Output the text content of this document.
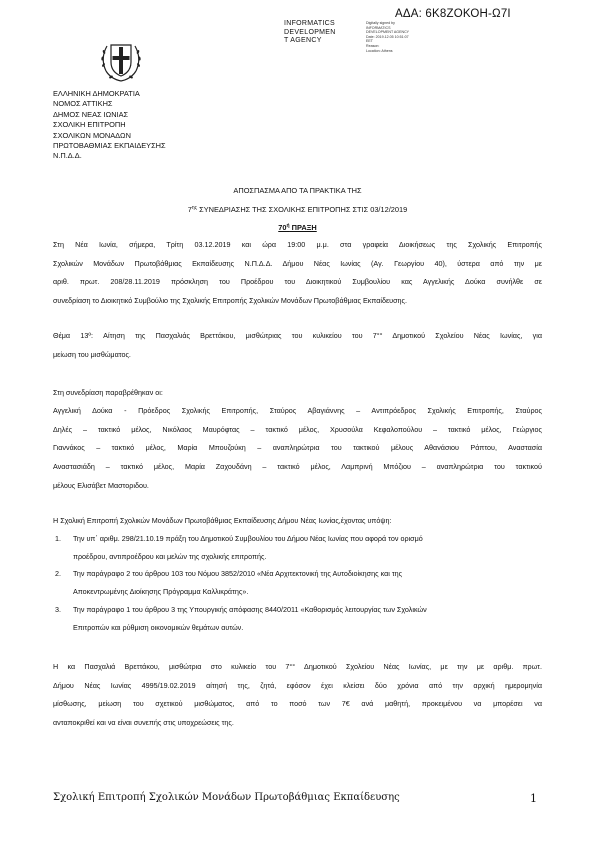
ΑΔΑ: 6Κ8ΖΟΚΟΗ-Ω7Ι
INFORMATICS
DEVELOPMEN
T AGENCY
Digitally signed by
INFORMATICS
DEVELOPMENT AGENCY
Date: 2019.12.05 10:51:07
EET
Reason:
Location: Athens
ΕΛΛΗΝΙΚΗ ΔΗΜΟΚΡΑΤΙΑ
ΝΟΜΟΣ ΑΤΤΙΚΗΣ
ΔΗΜΟΣ ΝΕΑΣ ΙΩΝΙΑΣ
ΣΧΟΛΙΚΗ ΕΠΙΤΡΟΠΗ
ΣΧΟΛΙΚΩΝ ΜΟΝΑΔΩΝ
ΠΡΩΤΟΒΑΘΜΙΑΣ ΕΚΠΑΙΔΕΥΣΗΣ
Ν.Π.Δ.Δ.
ΑΠΟΣΠΑΣΜΑ ΑΠΟ ΤΑ ΠΡΑΚΤΙΚΑ ΤΗΣ
$7^{\eta\varsigma}$ ΣΥΝΕΔΡΙΑΣΗΣ ΤΗΣ ΣΧΟΛΙΚΗΣ ΕΠΙΤΡΟΠΗΣ ΣΤΙΣ 03/12/2019
$70^ή$ ΠΡΑΞΗ
Στη Νέα Ιωνία, σήμερα, Τρίτη 03.12.2019 και ώρα 19:00 μ.μ. στα γραφεία Διοικήσεως της Σχολικής Επιτροπής
Σχολικών Μονάδων Πρωτοβάθμιας Εκπαίδευσης Ν.Π.Δ.Δ. Δήμου Νέας Ιωνίας (Αγ. Γεωργίου 40), ύστερα από την με
αριθ. πρωτ. 208/28.11.2019 πρόσκληση του Προέδρου του Διοικητικού Συμβουλίου κας Αγγελικής Δούκα συνήλθε σε
συνεδρίαση το Διοικητικό Συμβούλιο της Σχολικής Επιτροπής Σχολικών Μονάδων Πρωτοβάθμιας Εκπαίδευσης.
Θέμα 13º: Αίτηση της Πασχαλιάς Βρεττάκου, μισθώτριας του κυλικείου του 7°° Δημοτικού Σχολείου Νέας Ιωνίας, για
μείωση του μισθώματος.
Στη συνεδρίαση παραβρέθηκαν οι:
Αγγελική Δούκα - Πρόεδρος Σχολικής Επιτροπής, Σταύρος Αβαγιάννης – Αντιπρόεδρος Σχολικής Επιτροπής, Σταύρος
Δηλές – τακτικό μέλος, Νικόλαος Μαυρόφτας – τακτικό μέλος, Χρυσούλα Κεφαλοπούλου – τακτικό μέλος, Γεώργιος
Γιαννάκος – τακτικό μέλος, Μαρία Μπουζούκη – αναπληρώτρια του τακτικού μέλους Αθανάσιου Ράπτου, Αναστασία
Αναστασιάδη – τακτικό μέλος, Μαρία Ζαχουδάνη – τακτικό μέλος, Λαμπρινή Μπόζιου – αναπληρώτρια του τακτικού
μέλους Ελισάβετ Μαστοριδου.
Η Σχολική Επιτροπή Σχολικών Μονάδων Πρωτοβάθμιας Εκπαίδευσης Δήμου Νέας Ιωνίας,έχοντας υπόψη:
1. Την υπ΄ αριθμ. 298/21.10.19 πράξη του Δημοτικού Συμβουλίου του Δήμου Νέας Ιωνίας που αφορά τον ορισμό
προέδρου, αντιπροέδρου και μελών της σχολικής επιτροπής.
2. Την παράγραφο 2 του άρθρου 103 του Νόμου 3852/2010 «Νέα Αρχιτεκτονική της Αυτοδιοίκησης και της
Αποκεντρωμένης Διοίκησης Πρόγραμμα Καλλικράτης».
3. Την παράγραφο 1 του άρθρου 3 της Υπουργικής απόφασης 8440/2011 «Καθορισμός λειτουργίας των Σχολικών
Επιτροπών και ρύθμιση οικονομικών θεμάτων αυτών.
Η κα Πασχαλιά Βρεττάκου, μισθώτρια στο κυλικείο του 7°° Δημοτικού Σχολείου Νέας Ιωνίας, με την με αριθμ. πρωτ.
Δήμου Νέας Ιωνίας 4995/19.02.2019 αίτησή της, ζητά, εφόσον έχει κλείσει δύο χρόνια από την αρχική ημερομηνία
μίσθωσης, μείωση του σχετικού μισθώματος, από το ποσό των 7€ ανά μαθητή, προκειμένου να μπορέσει να
ανταποκριθεί και να είναι συνεπής στις υποχρεώσεις της.
Σχολική Επιτροπή Σχολικών Μονάδων Πρωτοβάθμιας Εκπαίδευσης	1
